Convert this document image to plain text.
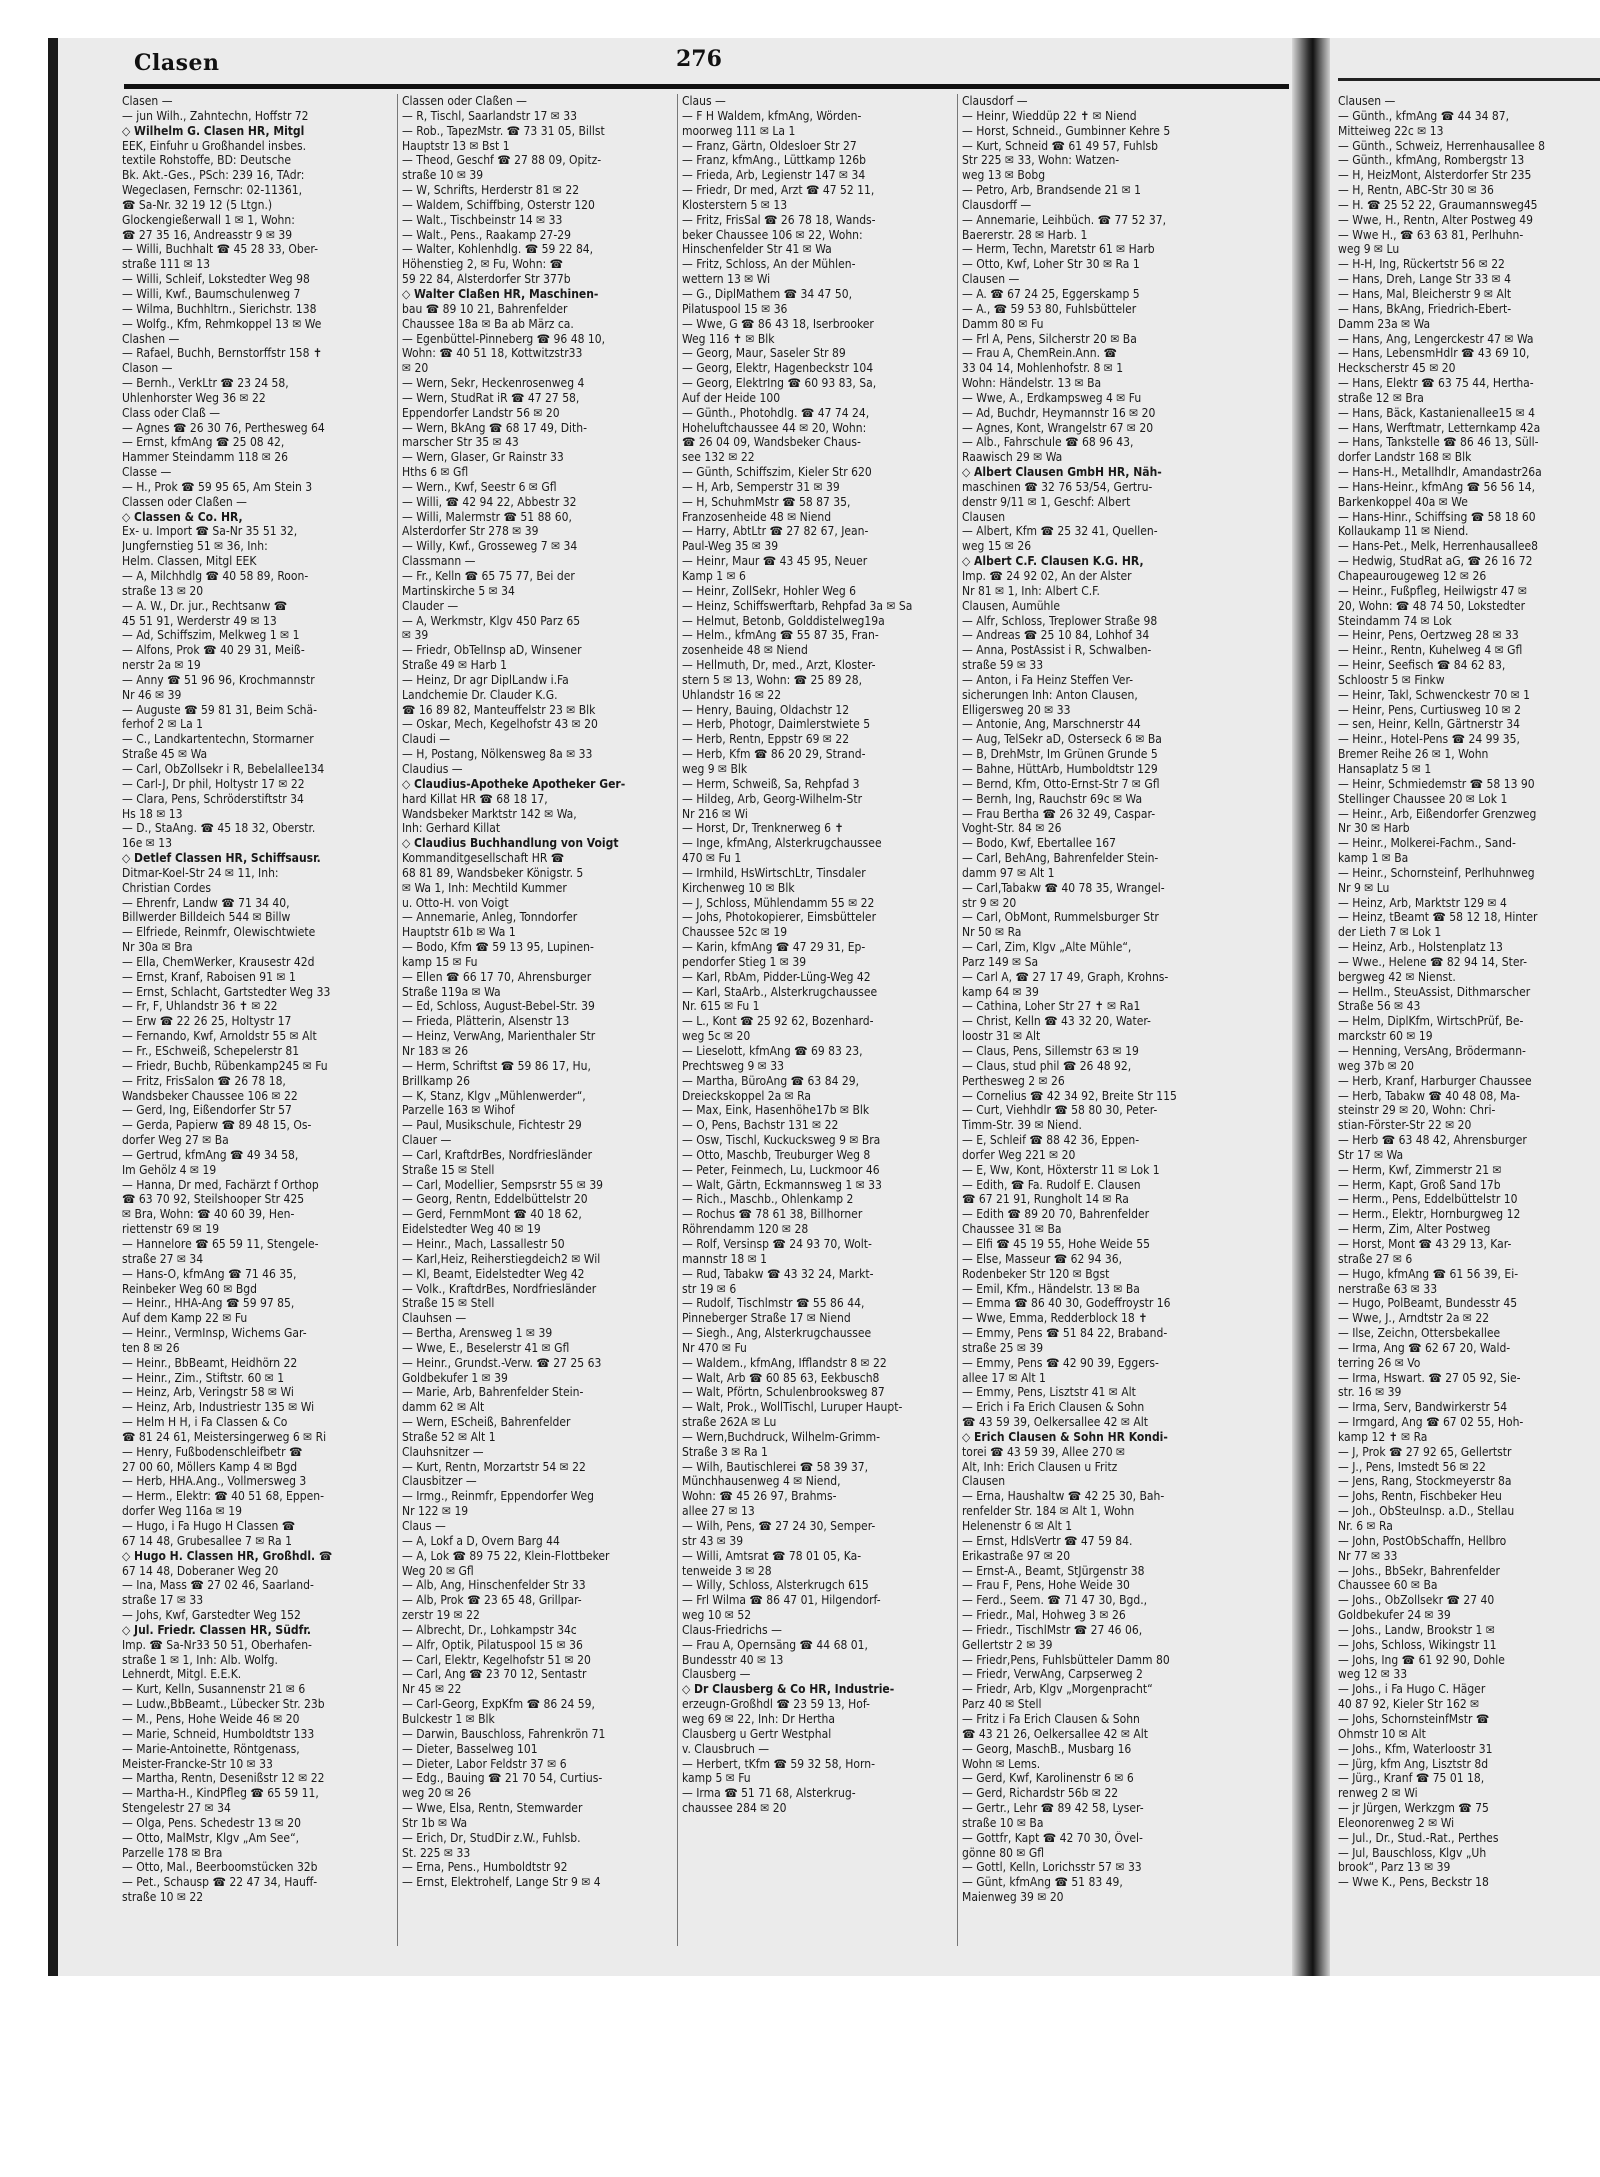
Clasen	276
Clasen —
— jun Wilh., Zahntechn, Hoffstr 72
◇ Wilhelm G. Clasen HR, Mitgl
EEK, Einfuhr u Großhandel insbes.
textile Rohstoffe, BD: Deutsche
Bk. Akt.-Ges., PSch: 239 16, TAdr:
Wegeclasen, Fernschr: 02-11361,
☎ Sa-Nr. 32 19 12 (5 Ltgn.)
Glockengießerwall 1 ✉ 1, Wohn:
☎ 27 35 16, Andreasstr 9 ✉ 39
— Willi, Buchhalt ☎ 45 28 33, Ober-
straße 111 ✉ 13
— Willi, Schleif, Lokstedter Weg 98
— Willi, Kwf., Baumschulenweg 7
— Wilma, Buchhltrn., Sierichstr. 138
— Wolfg., Kfm, Rehmkoppel 13 ✉ We
Clashen —
— Rafael, Buchh, Bernstorffstr 158 ✝
Clason —
— Bernh., VerkLtr ☎ 23 24 58,
Uhlenhorster Weg 36 ✉ 22
Class oder Claß —
— Agnes ☎ 26 30 76, Perthesweg 64
— Ernst, kfmAng ☎ 25 08 42,
Hammer Steindamm 118 ✉ 26
Classe —
— H., Prok ☎ 59 95 65, Am Stein 3
Classen oder Claßen —
◇ Classen & Co. HR,
Ex- u. Import ☎ Sa-Nr 35 51 32,
Jungfernstieg 51 ✉ 36, Inh:
Helm. Classen, Mitgl EEK
— A, Milchhdlg ☎ 40 58 89, Roon-
straße 13 ✉ 20
— A. W., Dr. jur., Rechtsanw ☎
45 51 91, Werderstr 49 ✉ 13
— Ad, Schiffszim, Melkweg 1 ✉ 1
— Alfons, Prok ☎ 40 29 31, Meiß-
nerstr 2a ✉ 19
— Anny ☎ 51 96 96, Krochmannstr
Nr 46 ✉ 39
— Auguste ☎ 59 81 31, Beim Schä-
ferhof 2 ✉ La 1
— C., Landkartentechn, Stormarner
Straße 45 ✉ Wa
— Carl, ObZollsekr i R, Bebelallee134
— Carl-J, Dr phil, Holtystr 17 ✉ 22
— Clara, Pens, Schröderstiftstr 34
Hs 18 ✉ 13
— D., StaAng. ☎ 45 18 32, Oberstr.
16e ✉ 13
◇ Detlef Classen HR, Schiffsausr.
Ditmar-Koel-Str 24 ✉ 11, Inh:
Christian Cordes
— Ehrenfr, Landw ☎ 71 34 40,
Billwerder Billdeich 544 ✉ Billw
— Elfriede, Reinmfr, Olewischtwiete
Nr 30a ✉ Bra
— Ella, ChemWerker, Krausestr 42d
— Ernst, Kranf, Raboisen 91 ✉ 1
— Ernst, Schlacht, Gartstedter Weg 33
— Fr, F, Uhlandstr 36 ✝ ✉ 22
— Erw ☎ 22 26 25, Holtystr 17
— Fernando, Kwf, Arnoldstr 55 ✉ Alt
— Fr., ESchweiß, Schepelerstr 81
— Friedr, Buchb, Rübenkamp245 ✉ Fu
— Fritz, FrisSalon ☎ 26 78 18,
Wandsbeker Chaussee 106 ✉ 22
— Gerd, Ing, Eißendorfer Str 57
— Gerda, Papierw ☎ 89 48 15, Os-
dorfer Weg 27 ✉ Ba
— Gertrud, kfmAng ☎ 49 34 58,
Im Gehölz 4 ✉ 19
— Hanna, Dr med, Fachärzt f Orthop
☎ 63 70 92, Steilshooper Str 425
✉ Bra, Wohn: ☎ 40 60 39, Hen-
riettenstr 69 ✉ 19
— Hannelore ☎ 65 59 11, Stengele-
straße 27 ✉ 34
— Hans-O, kfmAng ☎ 71 46 35,
Reinbeker Weg 60 ✉ Bgd
— Heinr., HHA-Ang ☎ 59 97 85,
Auf dem Kamp 22 ✉ Fu
— Heinr., VermInsp, Wichems Gar-
ten 8 ✉ 26
— Heinr., BbBeamt, Heidhörn 22
— Heinr., Zim., Stiftstr. 60 ✉ 1
— Heinz, Arb, Veringstr 58 ✉ Wi
— Heinz, Arb, Industriestr 135 ✉ Wi
— Helm H H, i Fa Classen & Co
☎ 81 24 61, Meistersingerweg 6 ✉ Ri
— Henry, Fußbodenschleifbetr ☎
27 00 60, Möllers Kamp 4 ✉ Bgd
— Herb, HHA.Ang., Vollmersweg 3
— Herm., Elektr: ☎ 40 51 68, Eppen-
dorfer Weg 116a ✉ 19
— Hugo, i Fa Hugo H Classen ☎
67 14 48, Grubesallee 7 ✉ Ra 1
◇ Hugo H. Classen HR, Großhdl. ☎
67 14 48, Doberaner Weg 20
— Ina, Mass ☎ 27 02 46, Saarland-
straße 17 ✉ 33
— Johs, Kwf, Garstedter Weg 152
◇ Jul. Friedr. Classen HR, Südfr.
Imp. ☎ Sa-Nr33 50 51, Oberhafen-
straße 1 ✉ 1, Inh: Alb. Wolfg.
Lehnerdt, Mitgl. E.E.K.
— Kurt, Kelln, Susannenstr 21 ✉ 6
— Ludw.,BbBeamt., Lübecker Str. 23b
— M., Pens, Hohe Weide 46 ✉ 20
— Marie, Schneid, Humboldtstr 133
— Marie-Antoinette, Röntgenass,
Meister-Francke-Str 10 ✉ 33
— Martha, Rentn, Desenißstr 12 ✉ 22
— Martha-H., KindPfleg ☎ 65 59 11,
Stengelestr 27 ✉ 34
— Olga, Pens. Schedestr 13 ✉ 20
— Otto, MalMstr, Klgv „Am See“,
Parzelle 178 ✉ Bra
— Otto, Mal., Beerboomstücken 32b
— Pet., Schausp ☎ 22 47 34, Hauff-
straße 10 ✉ 22
Classen oder Claßen —
— R, Tischl, Saarlandstr 17 ✉ 33
— Rob., TapezMstr. ☎ 73 31 05, Billst
Hauptstr 13 ✉ Bst 1
— Theod, Geschf ☎ 27 88 09, Opitz-
straße 10 ✉ 39
— W, Schrifts, Herderstr 81 ✉ 22
— Waldem, Schiffbing, Osterstr 120
— Walt., Tischbeinstr 14 ✉ 33
— Walt., Pens., Raakamp 27-29
— Walter, Kohlenhdlg. ☎ 59 22 84,
Höhenstieg 2, ✉ Fu, Wohn: ☎
59 22 84, Alsterdorfer Str 377b
◇ Walter Claßen HR, Maschinen-
bau ☎ 89 10 21, Bahrenfelder
Chaussee 18a ✉ Ba ab März ca.
— Egenbüttel-Pinneberg ☎ 96 48 10,
Wohn: ☎ 40 51 18, Kottwitzstr33
✉ 20
— Wern, Sekr, Heckenrosenweg 4
— Wern, StudRat iR ☎ 47 27 58,
Eppendorfer Landstr 56 ✉ 20
— Wern, BkAng ☎ 68 17 49, Dith-
marscher Str 35 ✉ 43
— Wern, Glaser, Gr Rainstr 33
Hths 6 ✉ Gfl
— Wern., Kwf, Seestr 6 ✉ Gfl
— Willi, ☎ 42 94 22, Abbestr 32
— Willi, Malermstr ☎ 51 88 60,
Alsterdorfer Str 278 ✉ 39
— Willy, Kwf., Grosseweg 7 ✉ 34
Classmann —
— Fr., Kelln ☎ 65 75 77, Bei der
Martinskirche 5 ✉ 34
Clauder —
— A, Werkmstr, Klgv 450 Parz 65
✉ 39
— Friedr, ObTelInsp aD, Winsener
Straße 49 ✉ Harb 1
— Heinz, Dr agr DiplLandw i.Fa
Landchemie Dr. Clauder K.G.
☎ 16 89 82, Manteuffelstr 23 ✉ Blk
— Oskar, Mech, Kegelhofstr 43 ✉ 20
Claudi —
— H, Postang, Nölkensweg 8a ✉ 33
Claudius —
◇ Claudius-Apotheke Apotheker Ger-
hard Killat HR ☎ 68 18 17,
Wandsbeker Marktstr 142 ✉ Wa,
Inh: Gerhard Killat
◇ Claudius Buchhandlung von Voigt
Kommanditgesellschaft HR ☎
68 81 89, Wandsbeker Königstr. 5
✉ Wa 1, Inh: Mechtild Kummer
u. Otto-H. von Voigt
— Annemarie, Anleg, Tonndorfer
Hauptstr 61b ✉ Wa 1
— Bodo, Kfm ☎ 59 13 95, Lupinen-
kamp 15 ✉ Fu
— Ellen ☎ 66 17 70, Ahrensburger
Straße 119a ✉ Wa
— Ed, Schloss, August-Bebel-Str. 39
— Frieda, Plätterin, Alsenstr 13
— Heinz, VerwAng, Marienthaler Str
Nr 183 ✉ 26
— Herm, Schriftst ☎ 59 86 17, Hu,
Brillkamp 26
— K, Stanz, Klgv „Mühlenwerder“,
Parzelle 163 ✉ Wihof
— Paul, Musikschule, Fichtestr 29
Clauer —
— Carl, KraftdrBes, Nordfriesländer
Straße 15 ✉ Stell
— Carl, Modellier, Sempsrstr 55 ✉ 39
— Georg, Rentn, Eddelbüttelstr 20
— Gerd, FernmMont ☎ 40 18 62,
Eidelstedter Weg 40 ✉ 19
— Heinr., Mach, Lassallestr 50
— Karl,Heiz, Reiherstiegdeich2 ✉ Wil
— Kl, Beamt, Eidelstedter Weg 42
— Volk., KraftdrBes, Nordfriesländer
Straße 15 ✉ Stell
Clauhsen —
— Bertha, Arensweg 1 ✉ 39
— Wwe, E., Beselerstr 41 ✉ Gfl
— Heinr., Grundst.-Verw. ☎ 27 25 63
Goldbekufer 1 ✉ 39
— Marie, Arb, Bahrenfelder Stein-
damm 62 ✉ Alt
— Wern, EScheiß, Bahrenfelder
Straße 52 ✉ Alt 1
Clauhsnitzer —
— Kurt, Rentn, Morzartstr 54 ✉ 22
Clausbitzer —
— Irmg., Reinmfr, Eppendorfer Weg
Nr 122 ✉ 19
Claus —
— A, Lokf a D, Overn Barg 44
— A, Lok ☎ 89 75 22, Klein-Flottbeker
Weg 20 ✉ Gfl
— Alb, Ang, Hinschenfelder Str 33
— Alb, Prok ☎ 23 65 48, Grillpar-
zerstr 19 ✉ 22
— Albrecht, Dr., Lohkampstr 34c
— Alfr, Optik, Pilatuspool 15 ✉ 36
— Carl, Elektr, Kegelhofstr 51 ✉ 20
— Carl, Ang ☎ 23 70 12, Sentastr
Nr 45 ✉ 22
— Carl-Georg, ExpKfm ☎ 86 24 59,
Bulckestr 1 ✉ Blk
— Darwin, Bauschloss, Fahrenkrön 71
— Dieter, Basselweg 101
— Dieter, Labor Feldstr 37 ✉ 6
— Edg., Bauing ☎ 21 70 54, Curtius-
weg 20 ✉ 26
— Wwe, Elsa, Rentn, Stemwarder
Str 1b ✉ Wa
— Erich, Dr, StudDir z.W., Fuhlsb.
St. 225 ✉ 33
— Erna, Pens., Humboldtstr 92
— Ernst, Elektrohelf, Lange Str 9 ✉ 4
Claus —
— F H Waldem, kfmAng, Wörden-
moorweg 111 ✉ La 1
— Franz, Gärtn, Oldesloer Str 27
— Franz, kfmAng., Lüttkamp 126b
— Frieda, Arb, Legienstr 147 ✉ 34
— Friedr, Dr med, Arzt ☎ 47 52 11,
Klosterstern 5 ✉ 13
— Fritz, FrisSal ☎ 26 78 18, Wands-
beker Chaussee 106 ✉ 22, Wohn:
Hinschenfelder Str 41 ✉ Wa
— Fritz, Schloss, An der Mühlen-
wettern 13 ✉ Wi
— G., DiplMathem ☎ 34 47 50,
Pilatuspool 15 ✉ 36
— Wwe, G ☎ 86 43 18, Iserbrooker
Weg 116 ✝ ✉ Blk
— Georg, Maur, Saseler Str 89
— Georg, Elektr, Hagenbeckstr 104
— Georg, ElektrIng ☎ 60 93 83, Sa,
Auf der Heide 100
— Günth., Photohdlg. ☎ 47 74 24,
Hoheluftchaussee 44 ✉ 20, Wohn:
☎ 26 04 09, Wandsbeker Chaus-
see 132 ✉ 22
— Günth, Schiffszim, Kieler Str 620
— H, Arb, Semperstr 31 ✉ 39
— H, SchuhmMstr ☎ 58 87 35,
Franzosenheide 48 ✉ Niend
— Harry, AbtLtr ☎ 27 82 67, Jean-
Paul-Weg 35 ✉ 39
— Heinr, Maur ☎ 43 45 95, Neuer
Kamp 1 ✉ 6
— Heinr, ZollSekr, Hohler Weg 6
— Heinz, Schiffswerftarb, Rehpfad 3a ✉ Sa
— Helmut, Betonb, Golddistelweg19a
— Helm., kfmAng ☎ 55 87 35, Fran-
zosenheide 48 ✉ Niend
— Hellmuth, Dr, med., Arzt, Kloster-
stern 5 ✉ 13, Wohn: ☎ 25 89 28,
Uhlandstr 16 ✉ 22
— Henry, Bauing, Oldachstr 12
— Herb, Photogr, Daimlerstwiete 5
— Herb, Rentn, Eppstr 69 ✉ 22
— Herb, Kfm ☎ 86 20 29, Strand-
weg 9 ✉ Blk
— Herm, Schweiß, Sa, Rehpfad 3
— Hildeg, Arb, Georg-Wilhelm-Str
Nr 216 ✉ Wi
— Horst, Dr, Trenknerweg 6 ✝
— Inge, kfmAng, Alsterkrugchaussee
470 ✉ Fu 1
— Irmhild, HsWirtschLtr, Tinsdaler
Kirchenweg 10 ✉ Blk
— J, Schloss, Mühlendamm 55 ✉ 22
— Johs, Photokopierer, Eimsbütteler
Chaussee 52c ✉ 19
— Karin, kfmAng ☎ 47 29 31, Ep-
pendorfer Stieg 1 ✉ 39
— Karl, RbAm, Pidder-Lüng-Weg 42
— Karl, StaArb., Alsterkrugchaussee
Nr. 615 ✉ Fu 1
— L., Kont ☎ 25 92 62, Bozenhard-
weg 5c ✉ 20
— Lieselott, kfmAng ☎ 69 83 23,
Prechtsweg 9 ✉ 33
— Martha, BüroAng ☎ 63 84 29,
Dreieckskoppel 2a ✉ Ra
— Max, Eink, Hasenhöhe17b ✉ Blk
— O, Pens, Bachstr 131 ✉ 22
— Osw, Tischl, Kuckucksweg 9 ✉ Bra
— Otto, Maschb, Treuburger Weg 8
— Peter, Feinmech, Lu, Luckmoor 46
— Walt, Gärtn, Eckmannsweg 1 ✉ 33
— Rich., Maschb., Ohlenkamp 2
— Rochus ☎ 78 61 38, Billhorner
Röhrendamm 120 ✉ 28
— Rolf, Versinsp ☎ 24 93 70, Wolt-
mannstr 18 ✉ 1
— Rud, Tabakw ☎ 43 32 24, Markt-
str 19 ✉ 6
— Rudolf, Tischlmstr ☎ 55 86 44,
Pinneberger Straße 17 ✉ Niend
— Siegh., Ang, Alsterkrugchaussee
Nr 470 ✉ Fu
— Waldem., kfmAng, Ifflandstr 8 ✉ 22
— Walt, Arb ☎ 60 85 63, Eekbusch8
— Walt, Pförtn, Schulenbrooksweg 87
— Walt, Prok., WollTischl, Luruper Haupt-
straße 262A ✉ Lu
— Wern,Buchdruck, Wilhelm-Grimm-
Straße 3 ✉ Ra 1
— Wilh, Bautischlerei ☎ 58 39 37,
Münchhausenweg 4 ✉ Niend,
Wohn: ☎ 45 26 97, Brahms-
allee 27 ✉ 13
— Wilh, Pens, ☎ 27 24 30, Semper-
str 43 ✉ 39
— Willi, Amtsrat ☎ 78 01 05, Ka-
tenweide 3 ✉ 28
— Willy, Schloss, Alsterkrugch 615
— Frl Wilma ☎ 86 47 01, Hilgendorf-
weg 10 ✉ 52
Claus-Friedrichs —
— Frau A, Opernsäng ☎ 44 68 01,
Bundesstr 40 ✉ 13
Clausberg —
◇ Dr Clausberg & Co HR, Industrie-
erzeugn-Großhdl ☎ 23 59 13, Hof-
weg 69 ✉ 22, Inh: Dr Hertha
Clausberg u Gertr Westphal
v. Clausbruch —
— Herbert, tKfm ☎ 59 32 58, Horn-
kamp 5 ✉ Fu
— Irma ☎ 51 71 68, Alsterkrug-
chaussee 284 ✉ 20
Clausdorf —
— Heinr, Wieddüp 22 ✝ ✉ Niend
— Horst, Schneid., Gumbinner Kehre 5
— Kurt, Schneid ☎ 61 49 57, Fuhlsb
Str 225 ✉ 33, Wohn: Watzen-
weg 13 ✉ Bobg
— Petro, Arb, Brandsende 21 ✉ 1
Clausdorff —
— Annemarie, Leihbüch. ☎ 77 52 37,
Baererstr. 28 ✉ Harb. 1
— Herm, Techn, Maretstr 61 ✉ Harb
— Otto, Kwf, Loher Str 30 ✉ Ra 1
Clausen —
— A. ☎ 67 24 25, Eggerskamp 5
— A., ☎ 59 53 80, Fuhlsbütteler
Damm 80 ✉ Fu
— Frl A, Pens, Silcherstr 20 ✉ Ba
— Frau A, ChemRein.Ann. ☎
33 04 14, Mohlenhofstr. 8 ✉ 1
Wohn: Händelstr. 13 ✉ Ba
— Wwe, A., Erdkampsweg 4 ✉ Fu
— Ad, Buchdr, Heymannstr 16 ✉ 20
— Agnes, Kont, Wrangelstr 67 ✉ 20
— Alb., Fahrschule ☎ 68 96 43,
Raawisch 29 ✉ Wa
◇ Albert Clausen GmbH HR, Näh-
maschinen ☎ 32 76 53/54, Gertru-
denstr 9/11 ✉ 1, Geschf: Albert
Clausen
— Albert, Kfm ☎ 25 32 41, Quellen-
weg 15 ✉ 26
◇ Albert C.F. Clausen K.G. HR,
Imp. ☎ 24 92 02, An der Alster
Nr 81 ✉ 1, Inh: Albert C.F.
Clausen, Aumühle
— Alfr, Schloss, Treplower Straße 98
— Andreas ☎ 25 10 84, Lohhof 34
— Anna, PostAssist i R, Schwalben-
straße 59 ✉ 33
— Anton, i Fa Heinz Steffen Ver-
sicherungen Inh: Anton Clausen,
Elligersweg 20 ✉ 33
— Antonie, Ang, Marschnerstr 44
— Aug, TelSekr aD, Osterseck 6 ✉ Ba
— B, DrehMstr, Im Grünen Grunde 5
— Bahne, HüttArb, Humboldtstr 129
— Bernd, Kfm, Otto-Ernst-Str 7 ✉ Gfl
— Bernh, Ing, Rauchstr 69c ✉ Wa
— Frau Bertha ☎ 26 32 49, Caspar-
Voght-Str. 84 ✉ 26
— Bodo, Kwf, Ebertallee 167
— Carl, BehAng, Bahrenfelder Stein-
damm 97 ✉ Alt 1
— Carl,Tabakw ☎ 40 78 35, Wrangel-
str 9 ✉ 20
— Carl, ObMont, Rummelsburger Str
Nr 50 ✉ Ra
— Carl, Zim, Klgv „Alte Mühle“,
Parz 149 ✉ Sa
— Carl A, ☎ 27 17 49, Graph, Krohns-
kamp 64 ✉ 39
— Cathina, Loher Str 27 ✝ ✉ Ra1
— Christ, Kelln ☎ 43 32 20, Water-
loostr 31 ✉ Alt
— Claus, Pens, Sillemstr 63 ✉ 19
— Claus, stud phil ☎ 26 48 92,
Perthesweg 2 ✉ 26
— Cornelius ☎ 42 34 92, Breite Str 115
— Curt, Viehhdlr ☎ 58 80 30, Peter-
Timm-Str. 39 ✉ Niend.
— E, Schleif ☎ 88 42 36, Eppen-
dorfer Weg 221 ✉ 20
— E, Ww, Kont, Höxterstr 11 ✉ Lok 1
— Edith, ☎ Fa. Rudolf E. Clausen
☎ 67 21 91, Rungholt 14 ✉ Ra
— Edith ☎ 89 20 70, Bahrenfelder
Chaussee 31 ✉ Ba
— Elfi ☎ 45 19 55, Hohe Weide 55
— Else, Masseur ☎ 62 94 36,
Rodenbeker Str 120 ✉ Bgst
— Emil, Kfm., Händelstr. 13 ✉ Ba
— Emma ☎ 86 40 30, Godeffroystr 16
— Wwe, Emma, Redderblock 18 ✝
— Emmy, Pens ☎ 51 84 22, Braband-
straße 25 ✉ 39
— Emmy, Pens ☎ 42 90 39, Eggers-
allee 17 ✉ Alt 1
— Emmy, Pens, Lisztstr 41 ✉ Alt
— Erich i Fa Erich Clausen & Sohn
☎ 43 59 39, Oelkersallee 42 ✉ Alt
◇ Erich Clausen & Sohn HR Kondi-
torei ☎ 43 59 39, Allee 270 ✉
Alt, Inh: Erich Clausen u Fritz
Clausen
— Erna, Haushaltw ☎ 42 25 30, Bah-
renfelder Str. 184 ✉ Alt 1, Wohn
Helenenstr 6 ✉ Alt 1
— Ernst, HdlsVertr ☎ 47 59 84.
Erikastraße 97 ✉ 20
— Ernst-A., Beamt, StJürgenstr 38
— Frau F, Pens, Hohe Weide 30
— Ferd., Seem. ☎ 71 47 30, Bgd.,
— Friedr., Mal, Hohweg 3 ✉ 26
— Friedr., TischlMstr ☎ 27 46 06,
Gellertstr 2 ✉ 39
— Friedr,Pens, Fuhlsbütteler Damm 80
— Friedr, VerwAng, Carpserweg 2
— Friedr, Arb, Klgv „Morgenpracht“
Parz 40 ✉ Stell
— Fritz i Fa Erich Clausen & Sohn
☎ 43 21 26, Oelkersallee 42 ✉ Alt
— Georg, MaschB., Musbarg 16
Wohn ✉ Lems.
— Gerd, Kwf, Karolinenstr 6 ✉ 6
— Gerd, Richardstr 56b ✉ 22
— Gertr., Lehr ☎ 89 42 58, Lyser-
straße 10 ✉ Ba
— Gottfr, Kapt ☎ 42 70 30, Övel-
gönne 80 ✉ Gfl
— Gottl, Kelln, Lorichsstr 57 ✉ 33
— Günt, kfmAng ☎ 51 83 49,
Maienweg 39 ✉ 20
Clausen —
— Günth., kfmAng ☎ 44 34 87,
Mitteiweg 22c ✉ 13
— Günth., Schweiz, Herrenhausallee 8
— Günth., kfmAng, Rombergstr 13
— H, HeizMont, Alsterdorfer Str 235
— H, Rentn, ABC-Str 30 ✉ 36
— H. ☎ 25 52 22, Graumannsweg45
— Wwe, H., Rentn, Alter Postweg 49
— Wwe H., ☎ 63 63 81, Perlhuhn-
weg 9 ✉ Lu
— H-H, Ing, Rückertstr 56 ✉ 22
— Hans, Dreh, Lange Str 33 ✉ 4
— Hans, Mal, Bleicherstr 9 ✉ Alt
— Hans, BkAng, Friedrich-Ebert-
Damm 23a ✉ Wa
— Hans, Ang, Lengerckestr 47 ✉ Wa
— Hans, LebensmHdlr ☎ 43 69 10,
Heckscherstr 45 ✉ 20
— Hans, Elektr ☎ 63 75 44, Hertha-
straße 12 ✉ Bra
— Hans, Bäck, Kastanienallee15 ✉ 4
— Hans, Werftmatr, Letternkamp 42a
— Hans, Tankstelle ☎ 86 46 13, Süll-
dorfer Landstr 168 ✉ Blk
— Hans-H., Metallhdlr, Amandastr26a
— Hans-Heinr., kfmAng ☎ 56 56 14,
Barkenkoppel 40a ✉ We
— Hans-Hinr., Schiffsing ☎ 58 18 60
Kollaukamp 11 ✉ Niend.
— Hans-Pet., Melk, Herrenhausallee8
— Hedwig, StudRat aG, ☎ 26 16 72
Chapeaurougeweg 12 ✉ 26
— Heinr., Fußpfleg, Heilwigstr 47 ✉
20, Wohn: ☎ 48 74 50, Lokstedter
Steindamm 74 ✉ Lok
— Heinr, Pens, Oertzweg 28 ✉ 33
— Heinr., Rentn, Kuhelweg 4 ✉ Gfl
— Heinr, Seefisch ☎ 84 62 83,
Schloostr 5 ✉ Finkw
— Heinr, Takl, Schwenckestr 70 ✉ 1
— Heinr, Pens, Curtiusweg 10 ✉ 2
— sen, Heinr, Kelln, Gärtnerstr 34
— Heinr., Hotel-Pens ☎ 24 99 35,
Bremer Reihe 26 ✉ 1, Wohn
Hansaplatz 5 ✉ 1
— Heinr, Schmiedemstr ☎ 58 13 90
Stellinger Chaussee 20 ✉ Lok 1
— Heinr., Arb, Eißendorfer Grenzweg
Nr 30 ✉ Harb
— Heinr., Molkerei-Fachm., Sand-
kamp 1 ✉ Ba
— Heinr., Schornsteinf, Perlhuhnweg
Nr 9 ✉ Lu
— Heinz, Arb, Marktstr 129 ✉ 4
— Heinz, tBeamt ☎ 58 12 18, Hinter
der Lieth 7 ✉ Lok 1
— Heinz, Arb., Holstenplatz 13
— Wwe., Helene ☎ 82 94 14, Ster-
bergweg 42 ✉ Nienst.
— Hellm., SteuAssist, Dithmarscher
Straße 56 ✉ 43
— Helm, DiplKfm, WirtschPrüf, Be-
marckstr 60 ✉ 19
— Henning, VersAng, Brödermann-
weg 37b ✉ 20
— Herb, Kranf, Harburger Chaussee
— Herb, Tabakw ☎ 40 48 08, Ma-
steinstr 29 ✉ 20, Wohn: Chri-
stian-Förster-Str 22 ✉ 20
— Herb ☎ 63 48 42, Ahrensburger
Str 17 ✉ Wa
— Herm, Kwf, Zimmerstr 21 ✉
— Herm, Kapt, Groß Sand 17b
— Herm., Pens, Eddelbüttelstr 10
— Herm., Elektr, Hornburgweg 12
— Herm, Zim, Alter Postweg
— Horst, Mont ☎ 43 29 13, Kar-
straße 27 ✉ 6
— Hugo, kfmAng ☎ 61 56 39, Ei-
nerstraße 63 ✉ 33
— Hugo, PolBeamt, Bundesstr 45
— Wwe, J., Arndtstr 2a ✉ 22
— Ilse, Zeichn, Ottersbekallee
— Irma, Ang ☎ 62 67 20, Wald-
terring 26 ✉ Vo
— Irma, Hswart. ☎ 27 05 92, Sie-
str. 16 ✉ 39
— Irma, Serv, Bandwirkerstr 54
— Irmgard, Ang ☎ 67 02 55, Hoh-
kamp 12 ✝ ✉ Ra
— J, Prok ☎ 27 92 65, Gellertstr
— J., Pens, Imstedt 56 ✉ 22
— Jens, Rang, Stockmeyerstr 8a
— Johs, Rentn, Fischbeker Heu
— Joh., ObSteuInsp. a.D., Stellau
Nr. 6 ✉ Ra
— John, PostObSchaffn, Hellbro
Nr 77 ✉ 33
— Johs., BbSekr, Bahrenfelder
Chaussee 60 ✉ Ba
— Johs., ObZollsekr ☎ 27 40
Goldbekufer 24 ✉ 39
— Johs., Landw, Brookstr 1 ✉
— Johs, Schloss, Wikingstr 11
— Johs, Ing ☎ 61 92 90, Dohle
weg 12 ✉ 33
— Johs., i Fa Hugo C. Häger
40 87 92, Kieler Str 162 ✉
— Johs, SchornsteinfMstr ☎
Ohmstr 10 ✉ Alt
— Johs., Kfm, Waterloostr 31
— Jürg, kfm Ang, Lisztstr 8d
— Jürg., Kranf ☎ 75 01 18,
renweg 2 ✉ Wi
— jr Jürgen, Werkzgm ☎ 75
Eleonorenweg 2 ✉ Wi
— Jul., Dr., Stud.-Rat., Perthes
— Jul, Bauschloss, Klgv „Uh
brook“, Parz 13 ✉ 39
— Wwe K., Pens, Beckstr 18
